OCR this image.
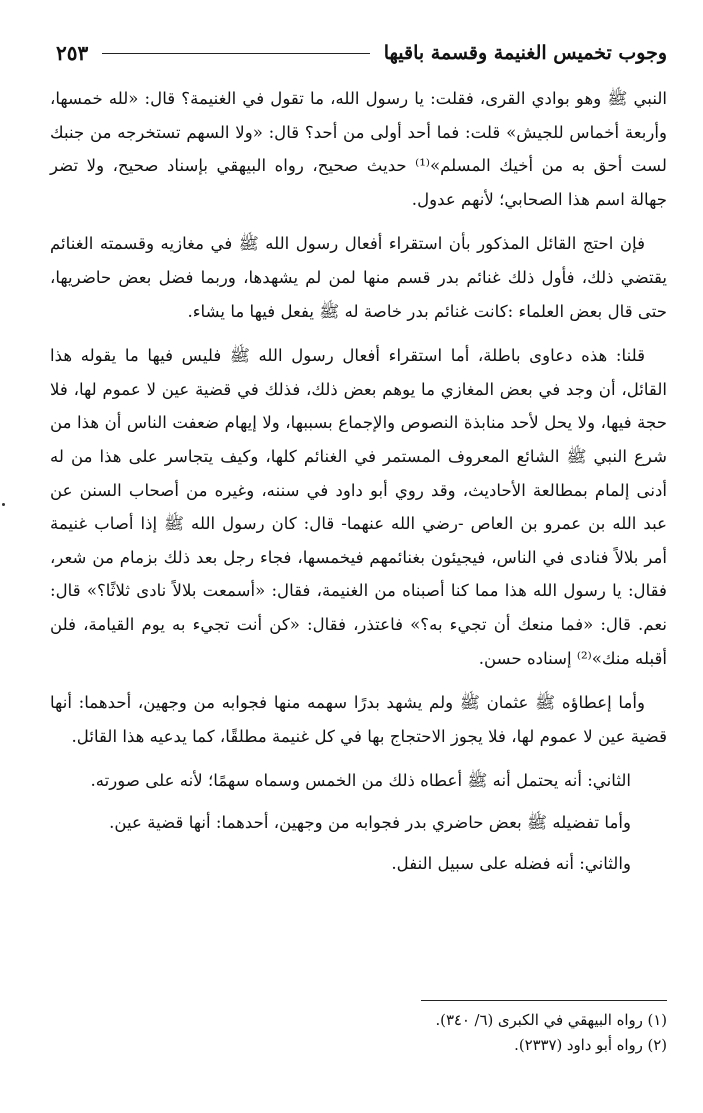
وجوب تخميس الغنيمة وقسمة باقيها
٢٥٣

النبي ﷺ وهو بوادي القرى، فقلت: يا رسول الله، ما تقول في الغنيمة؟ قال: «لله خمسها، وأربعة أخماس للجيش» قلت: فما أحد أولى من أحد؟ قال: «ولا السهم تستخرجه من جنبك لست أحق به من أخيك المسلم»⁽¹⁾ حديث صحيح، رواه البيهقي بإسناد صحيح، ولا تضر جهالة اسم هذا الصحابي؛ لأنهم عدول.

فإن احتج القائل المذكور بأن استقراء أفعال رسول الله ﷺ في مغازيه وقسمته الغنائم يقتضي ذلك، فأول ذلك غنائم بدر قسم منها لمن لم يشهدها، وربما فضل بعض حاضريها، حتى قال بعض العلماء :كانت غنائم بدر خاصة له ﷺ يفعل فيها ما يشاء.

قلنا: هذه دعاوى باطلة، أما استقراء أفعال رسول الله ﷺ فليس فيها ما يقوله هذا القائل، أن وجد في بعض المغازي ما يوهم بعض ذلك، فذلك في قضية عين لا عموم لها، فلا حجة فيها، ولا يحل لأحد منابذة النصوص والإجماع بسببها، ولا إيهام ضعفت الناس أن هذا من شرع النبي ﷺ الشائع المعروف المستمر في الغنائم كلها، وكيف يتجاسر على هذا من له أدنى إلمام بمطالعة الأحاديث، وقد روي أبو داود في سننه، وغيره من أصحاب السنن عن عبد الله بن عمرو بن العاص -رضي الله عنهما- قال: كان رسول الله ﷺ إذا أصاب غنيمة أمر بلالاً فنادى في الناس، فيجيئون بغنائمهم فيخمسها، فجاء رجل بعد ذلك بزمام من شعر، فقال: يا رسول الله هذا مما كنا أصبناه من الغنيمة، فقال: «أسمعت بلالاً نادى ثلاثًا؟» قال: نعم. قال: «فما منعك أن تجيء به؟» فاعتذر، فقال: «كن أنت تجيء به يوم القيامة، فلن أقبله منك»⁽²⁾ إسناده حسن.

وأما إعطاؤه ﷺ عثمان ﷺ ولم يشهد بدرًا سهمه منها فجوابه من وجهين، أحدهما: أنها قضية عين لا عموم لها، فلا يجوز الاحتجاج بها في كل غنيمة مطلقًا، كما يدعيه هذا القائل.

الثاني: أنه يحتمل أنه ﷺ أعطاه ذلك من الخمس وسماه سهمًا؛ لأنه على صورته.

وأما تفضيله ﷺ بعض حاضري بدر فجوابه من وجهين، أحدهما: أنها قضية عين.

والثاني: أنه فضله على سبيل النفل.

(١) رواه البيهقي في الكبرى (٦/ ٣٤٠).
(٢) رواه أبو داود (٢٣٣٧).
